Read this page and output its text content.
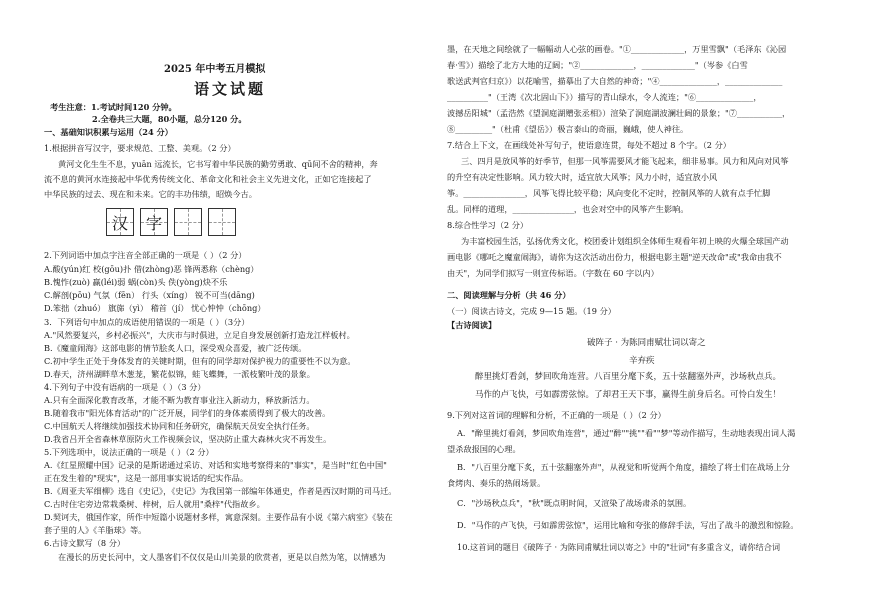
2025 年中考五月模拟
语文试题
考生注意：1.考试时间120 分钟。
2.全卷共三大题，80小题，总分120 分。
一、基础知识积累与运用（24 分）
1.根据拼音写汉字，要求规范、工整、美观。（2 分）
黄河文化生生不息，yuān 远流长，它书写着中华民族的勤劳勇敢、qū间不舍的精神，奔
流不息的黄河水连接起中华优秀传统文化、革命文化和社会主义先进文化，正如它连接起了
中华民族的过去、现在和未来。它的丰功伟绩，昭焕今古。
汉 字
2.下列词语中加点字注音全部正确的一项是（ ）（2 分）
A.酸(yún)红 校(gōu)扑 借(zhòng)恶 锋两悉称（chèng）
B.愧怍(zuò) 赢(léi)弱 蜗(còn)头 佚(yòng)炔不乐
C.解剖(pōu) 气氛（fēn） 行头（xíng） 锐不可当(dāng)
D.笨拙（zhuó） 旗旆（yì） 稽首（jí） 忧心忡忡（chōng）
3．下列语句中加点的成语使用错误的一项是（ ）（3分）
A."风然要复兴，乡村必振兴"，大庆市与时俱进，立足自身发展创新打造龙江样板村。
B.《魔童闹海》这部电影的情节脍炙人口，深受观众喜爱，被广泛传颂。
C.初中学生正处于身体发育的关键时期，但有的同学却对保护视力的重要性不以为意。
D.春天，济州湖畔草木葱茏，繁花似锦，蛙飞蝶舞，一派枝繁叶茂的景象。
4.下列句子中没有语病的一项是（ ）（3 分）
A.只有全面深化教育改革，才能不断为教育事业注入新动力，释放新活力。
B.随着我市"阳光体育活动"的广泛开展，同学们的身体素质得到了极大的改善。
C.中国航天人将继续加强技术协同和任务研究，确保航天员安全执行任务。
D.我省吕开全省森林草原防火工作视频会议，坚决防止重大森林火灾不再发生。
5.下列选项中，说法正确的一项是（ ）（2 分）
A.《红星照耀中国》记录的是斯诺通过采访、对话和实地考察得来的"事实"，是当时"红色中国"
正在发生着的"现实"，这是一部用事实说话的纪实作品。
B.《周亚夫军细柳》选自《史记》，《史记》为我国第一部编年体通史，作者是西汉时期的司马迁。
C.古时住宅旁边常栽桑树、梓树，后人就用"桑梓"代指故乡。
D.契诃夫，俄国作家，所作中短篇小说题材多样，寓意深刻。主要作品有小说《第六病室》《装在
套子里的人》《羊脂球》等。
6.古诗文默写（8 分）
在漫长的历史长河中，文人墨客们不仅仅是山川美景的欣赏者，更是以自然为笔，以情感为
墨，在天地之间绘就了一幅幅动人心弦的画卷。"①_____________，万里雪飘"（毛泽东《沁园
春·雪》）描绘了北方大地的辽阔；"②_____________，_____________"（岑参《白雪
歌送武判官归京》）以花喻雪，描摹出了大自然的神奇；"④______________，______________
__________"（王湾《次北固山下》）描写的青山绿水，令人流连；"⑥______________，
波撼岳阳城"（孟浩然《望洞庭湖赠张丞相》）渲染了洞庭湖波澜壮阔的景象；"⑦___________，
⑧_________"（杜甫《望岳》）极言泰山的奇丽，巍峨，使人神往。
7.结合上下文，在画线处补写句子，使语意连贯，每处不超过 8 个字。（2 分）
三、四月是放风筝的好季节，但那一风筝需要风才能飞起来，细非易事。风力和风向对风筝
的升空有决定性影响。风力较大时，适宜放大风筝；风力小时，适宜放小风
筝。_______________，风筝飞得比较平稳；风向变化不定时，控制风筝的人就有点手忙脚
乱。同样的道理，_______________，也会对空中的风筝产生影响。
8.综合性学习（2 分）
为丰富校园生活，弘扬优秀文化，校团委计划组织全体师生观看年初上映的火爆全球国产动
画电影《哪吒之魔童闹海》，请你为这次活动出份力，根据电影主题"逆天改命"或"我命由我不
由天"，为同学们拟写一则宣传标语。（字数在 60 字以内）
二、阅读理解与分析（共 46 分）
（一）阅读古诗文，完成 9—15 题。（19 分）
【古诗阅读】
破阵子 · 为陈同甫赋壮词以寄之
辛弃疾
醉里挑灯看剑，梦回吹角连营。八百里分麾下炙，五十弦翻塞外声，沙场秋点兵。
马作的卢飞快，弓如霹雳弦惊。了却君王天下事，赢得生前身后名。可怜白发生！
9.下列对这首词的理解和分析，不正确的一项是（ ）（2 分）
A．"醉里挑灯看剑，梦回吹角连营"，通过"醉""挑""看""梦"等动作描写，生动地表现出词人渴
望杀敌报国的心理。
B．"八百里分麾下炙，五十弦翻塞外声"，从视觉和听觉两个角度，描绘了将士们在战场上分
食烤肉、奏乐的热闹场景。
C．"沙场秋点兵"，"秋"既点明时间，又渲染了战场肃杀的氛围。
D．"马作的卢飞快，弓如霹雳弦惊"，运用比喻和夸张的修辞手法，写出了战斗的激烈和惊险。
10.这首词的题目《破阵子 · 为陈同甫赋壮词以寄之》中的"壮词"有多重含义，请你结合词
